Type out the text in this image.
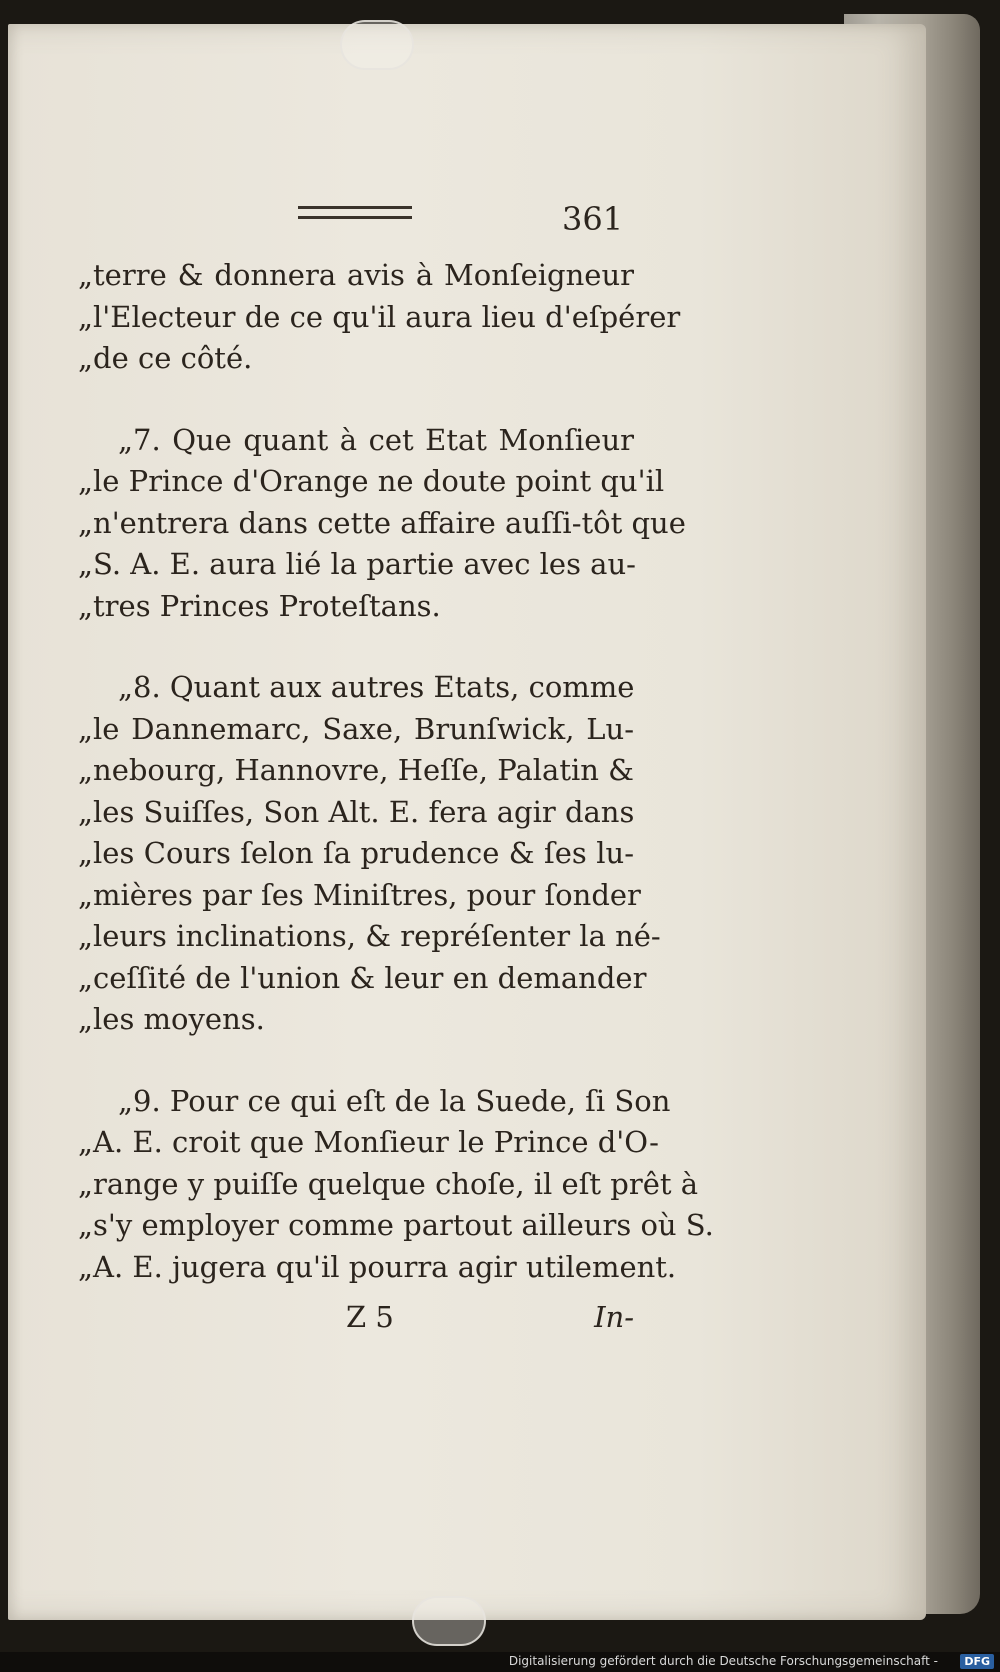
361
„terre & donnera avis à Monſeigneur
„l'Electeur de ce qu'il aura lieu d'eſpérer
„de ce côté.
„7. Que quant à cet Etat Monſieur
„le Prince d'Orange ne doute point qu'il
„n'entrera dans cette affaire auſſi-tôt que
„S. A. E. aura lié la partie avec les au-
„tres Princes Proteſtans.
„8. Quant aux autres Etats, comme
„le Dannemarc, Saxe, Brunſwick, Lu-
„nebourg, Hannovre, Heſſe, Palatin &
„les Suiſſes, Son Alt. E. fera agir dans
„les Cours ſelon ſa prudence & ſes lu-
„mières par ſes Miniſtres, pour ſonder
„leurs inclinations, & repréſenter la né-
„ceſſité de l'union & leur en demander
„les moyens.
„9. Pour ce qui eſt de la Suede, ſi Son
„A. E. croit que Monſieur le Prince d'O-
„range y puiſſe quelque choſe, il eſt prêt à
„s'y employer comme partout ailleurs où S.
„A. E. jugera qu'il pourra agir utilement.
Z 5	In-
Digitalisierung gefördert durch die Deutsche Forschungsgemeinschaft -	DFG
